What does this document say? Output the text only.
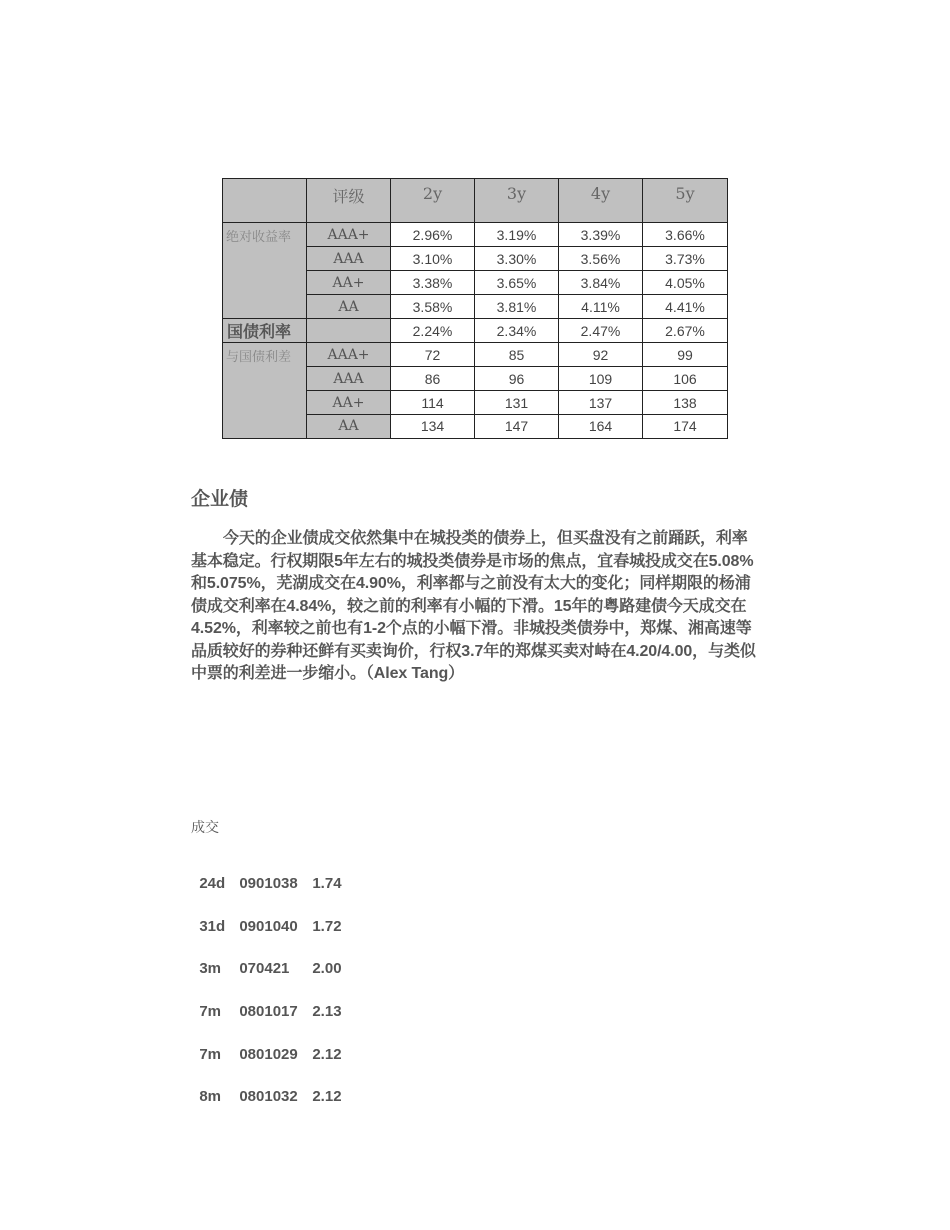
	评级	2y	3y	4y	5y
绝对收益率	AAA+	2.96%	3.19%	3.39%	3.66%
	AAA	3.10%	3.30%	3.56%	3.73%
	AA+	3.38%	3.65%	3.84%	4.05%
	AA	3.58%	3.81%	4.11%	4.41%
国债利率		2.24%	2.34%	2.47%	2.67%
与国债利差	AAA+	72	85	92	99
	AAA	86	96	109	106
	AA+	114	131	137	138
	AA	134	147	164	174
企业债

今天的企业债成交依然集中在城投类的债券上，但买盘没有之前踊跃，利率基本稳定。行权期限5年左右的城投类债券是市场的焦点，宜春城投成交在5.08%和5.075%，芜湖成交在4.90%，利率都与之前没有太大的变化；同样期限的杨浦债成交利率在4.84%，较之前的利率有小幅的下滑。15年的粤路建债今天成交在4.52%，利率较之前也有1-2个点的小幅下滑。非城投类债券中，郑煤、湘高速等品质较好的券种还鲜有买卖询价，行权3.7年的郑煤买卖对峙在4.20/4.00，与类似中票的利差进一步缩小。（Alex Tang）

成交

24d 0901038 1.74

31d 0901040 1.72

3m 070421 2.00

7m 0801017 2.13

7m 0801029 2.12

8m 0801032 2.12
